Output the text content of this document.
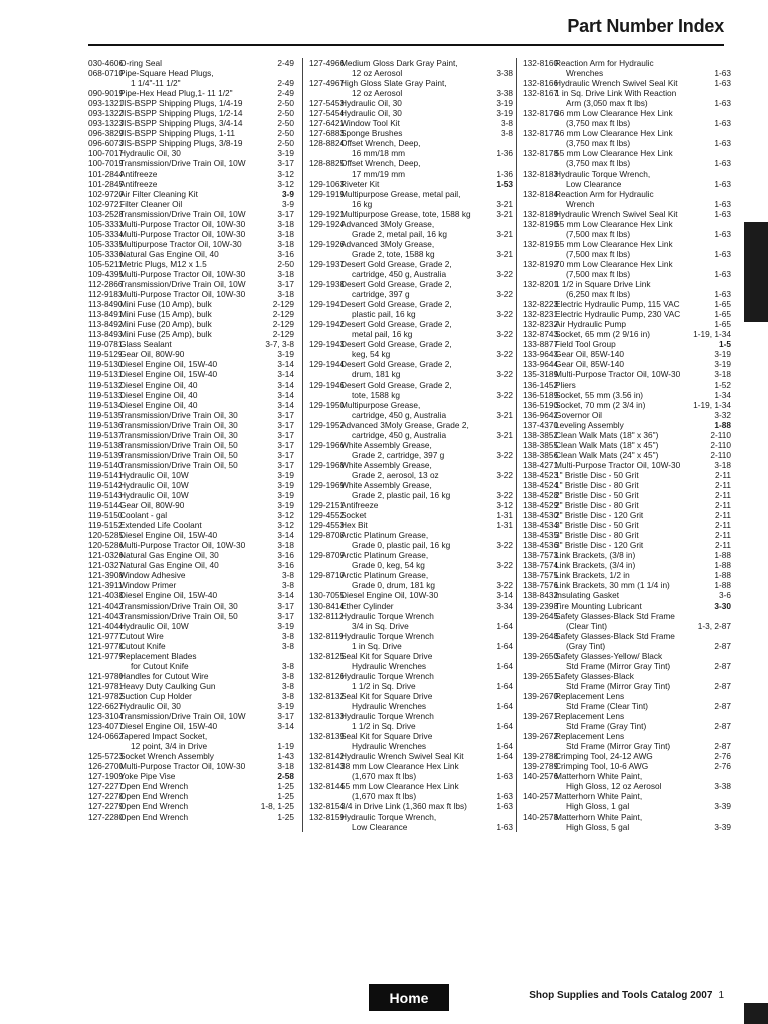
Part Number Index
030-4606
O-ring Seal	2-49
068-0710
Pipe-Square Head Plugs,
1 1/4"-11 1/2"	2-49
090-9019
Pipe-Hex Head Plug,1- 11 1/2"	2-49
093-1321
JIS-BSPP Shipping Plugs, 1/4-19	2-50
093-1322
JIS-BSPP Shipping Plugs, 1/2-14	2-50
093-1323
JIS-BSPP Shipping Plugs, 3/4-14	2-50
096-3829
JIS-BSPP Shipping Plugs, 1-11	2-50
096-6073
JIS-BSPP Shipping Plugs, 3/8-19	2-50
100-7017
Hydraulic Oil, 30	3-19
100-7019
Transmission/Drive Train Oil, 10W	3-17
101-2844
Antifreeze	3-12
101-2845
Antifreeze	3-12
102-9720
Air Filter Cleaning Kit	3-9
102-9721
Filter Cleaner Oil	3-9
103-2528
Transmission/Drive Train Oil, 10W	3-17
105-3333
Multi-Purpose Tractor Oil, 10W-30	3-18
105-3334
Multi-Purpose Tractor Oil, 10W-30	3-18
105-3335
Multipurpose Tractor Oil, 10W-30	3-18
105-3336
Natural Gas Engine Oil, 40	3-16
105-5211
Metric Plugs, M12 x 1.5	2-50
109-4395
Multi-Purpose Tractor Oil, 10W-30	3-18
112-2866
Transmission/Drive Train Oil, 10W	3-17
112-9183
Multi-Purpose Tractor Oil, 10W-30	3-18
113-8490
Mini Fuse (10 Amp), bulk	2-129
113-8491
Mini Fuse (15 Amp), bulk	2-129
113-8492
Mini Fuse (20 Amp), bulk	2-129
113-8493
Mini Fuse (25 Amp), bulk	2-129
119-0781
Glass Sealant	3-7, 3-8
119-5129
Gear Oil, 80W-90	3-19
119-5130
Diesel Engine Oil, 15W-40	3-14
119-5131
Diesel Engine Oil, 15W-40	3-14
119-5132
Diesel Engine Oil, 40	3-14
119-5133
Diesel Engine Oil, 40	3-14
119-5134
Diesel Engine Oil, 40	3-14
119-5135
Transmission/Drive Train Oil, 30	3-17
119-5136
Transmission/Drive Train Oil, 30	3-17
119-5137
Transmission/Drive Train Oil, 30	3-17
119-5138
Transmission/Drive Train Oil, 50	3-17
119-5139
Transmission/Drive Train Oil, 50	3-17
119-5140
Transmission/Drive Train Oil, 50	3-17
119-5141
Hydraulic Oil, 10W	3-19
119-5142
Hydraulic Oil, 10W	3-19
119-5143
Hydraulic Oil, 10W	3-19
119-5144
Gear Oil, 80W-90	3-19
119-5150
Coolant - gal	3-12
119-5152
Extended Life Coolant	3-12
120-5285
Diesel Engine Oil, 15W-40	3-14
120-5286
Multi-Purpose Tractor Oil, 10W-30	3-18
121-0326
Natural Gas Engine Oil, 30	3-16
121-0327
Natural Gas Engine Oil, 40	3-16
121-3908
Window Adhesive	3-8
121-3911
Window Primer	3-8
121-4038
Diesel Engine Oil, 15W-40	3-14
121-4042
Transmission/Drive Train Oil, 30	3-17
121-4043
Transmission/Drive Train Oil, 50	3-17
121-4044
Hydraulic Oil, 10W	3-19
121-9777
Cutout Wire	3-8
121-9778
Cutout Knife	3-8
121-9779
Replacement Blades
for Cutout Knife	3-8
121-9780
Handles for Cutout Wire	3-8
121-9781
Heavy Duty Caulking Gun	3-8
121-9782
Suction Cup Holder	3-8
122-6627
Hydraulic Oil, 30	3-19
123-3104
Transmission/Drive Train Oil, 10W	3-17
123-4077
Diesel Engine Oil, 15W-40	3-14
124-0662
Tapered Impact Socket,
12 point, 3/4 in Drive	1-19
125-5723
Socket Wrench Assembly	1-43
126-2700
Multi-Purpose Tractor Oil, 10W-30	3-18
127-1909
Yoke Pipe Vise	2-58
127-2277
Open End Wrench	1-25
127-2278
Open End Wrench	1-25
127-2279
Open End Wrench	1-8, 1-25
127-2280
Open End Wrench	1-25
127-4966
Medium Gloss Dark Gray Paint,
12 oz Aerosol	3-38
127-4967
High Gloss Slate Gray Paint,
12 oz Aerosol	3-38
127-5453
Hydraulic Oil, 30	3-19
127-5454
Hydraulic Oil, 30	3-19
127-6421
Window Tool Kit	3-8
127-6883
Sponge Brushes	3-8
128-8824
Offset Wrench, Deep,
16 mm/18 mm	1-36
128-8825
Offset Wrench, Deep,
17 mm/19 mm	1-36
129-1063
Riveter Kit	1-53
129-1919
Multipurpose Grease, metal pail,
16 kg	3-21
129-1921
Multipurpose Grease, tote, 1588 kg	3-21
129-1924
Advanced 3Moly Grease,
Grade 2, metal pail, 16 kg	3-21
129-1926
Advanced 3Moly Grease,
Grade 2, tote, 1588 kg	3-21
129-1937
Desert Gold Grease, Grade 2,
cartridge, 450 g, Australia	3-22
129-1938
Desert Gold Grease, Grade 2,
cartridge, 397 g	3-22
129-1941
Desert Gold Grease, Grade 2,
plastic pail, 16 kg	3-22
129-1942
Desert Gold Grease, Grade 2,
metal pail, 16 kg	3-22
129-1943
Desert Gold Grease, Grade 2,
keg, 54 kg	3-22
129-1944
Desert Gold Grease, Grade 2,
drum, 181 kg	3-22
129-1946
Desert Gold Grease, Grade 2,
tote, 1588 kg	3-22
129-1950
Multipurpose Grease,
cartridge, 450 g, Australia	3-21
129-1952
Advanced 3Moly Grease, Grade 2,
cartridge, 450 g, Australia	3-21
129-1966
White Assembly Grease,
Grade 2, cartridge, 397 g	3-22
129-1968
White Assembly Grease,
Grade 2, aerosol, 13 oz	3-22
129-1969
White Assembly Grease,
Grade 2, plastic pail, 16 kg	3-22
129-2151
Antifreeze	3-12
129-4552
Socket	1-31
129-4553
Hex Bit	1-31
129-8708
Arctic Platinum Grease,
Grade 0, plastic pail, 16 kg	3-22
129-8709
Arctic Platinum Grease,
Grade 0, keg, 54 kg	3-22
129-8710
Arctic Platinum Grease,
Grade 0, drum, 181 kg	3-22
130-7055
Diesel Engine Oil, 10W-30	3-14
130-8414
Ether Cylinder	3-34
132-8112
Hydraulic Torque Wrench
3/4 in Sq. Drive	1-64
132-8119
Hydraulic Torque Wrench
1 in Sq. Drive	1-64
132-8125
Seal Kit for Square Drive
Hydraulic Wrenches	1-64
132-8126
Hydraulic Torque Wrench
1 1/2 in Sq. Drive	1-64
132-8132
Seal Kit for Square Drive
Hydraulic Wrenches	1-64
132-8133
Hydraulic Torque Wrench
1 1/2 in Sq. Drive	1-64
132-8139
Seal Kit for Square Drive
Hydraulic Wrenches	1-64
132-8142
Hydraulic Wrench Swivel Seal Kit	1-64
132-8143
38 mm Low Clearance Hex Link
(1,670 max ft lbs)	1-63
132-8144
55 mm Low Clearance Hex Link
(1,670 max ft lbs)	1-63
132-8154
3/4 in Drive Link (1,360 max ft lbs)	1-63
132-8159
Hydraulic Torque Wrench,
Low Clearance	1-63
132-8160
Reaction Arm for Hydraulic
Wrenches	1-63
132-8166
Hydraulic Wrench Swivel Seal Kit	1-63
132-8167
1 in Sq. Drive Link With Reaction
Arm (3,050 max ft lbs)	1-63
132-8176
36 mm Low Clearance Hex Link
(3,750 max ft lbs)	1-63
132-8177
46 mm Low Clearance Hex Link
(3,750 max ft lbs)	1-63
132-8178
55 mm Low Clearance Hex Link
(3,750 max ft lbs)	1-63
132-8183
Hydraulic Torque Wrench,
Low Clearance	1-63
132-8184
Reaction Arm for Hydraulic
Wrench	1-63
132-8189
Hydraulic Wrench Swivel Seal Kit	1-63
132-8190
55 mm Low Clearance Hex Link
(7,500 max ft lbs)	1-63
132-8191
65 mm Low Clearance Hex Link
(7,500 max ft lbs)	1-63
132-8192
70 mm Low Clearance Hex Link
(7,500 max ft lbs)	1-63
132-8201
1 1/2 in Square Drive Link
(6,250 max ft lbs)	1-63
132-8223
Electric Hydraulic Pump, 115 VAC	1-65
132-8231
Electric Hydraulic Pump, 230 VAC	1-65
132-8232
Air Hydraulic Pump	1-65
132-8743
Socket, 65 mm (2 9/16 in)	1-19, 1-34
133-8877
Field Tool Group	1-5
133-9643
Gear Oil, 85W-140	3-19
133-9644
Gear Oil, 85W-140	3-19
135-3189
Multi-Purpose Tractor Oil, 10W-30	3-18
136-1452
Pliers	1-52
136-5189
Socket, 55 mm (3.56 in)	1-34
136-5190
Socket, 70 mm (2 3/4 in)	1-19, 1-34
136-9642
Governor Oil	3-32
137-4370
Leveling Assembly	1-88
138-3852
Clean Walk Mats (18" x 36")	2-110
138-3855
Clean Walk Mats (18" x 45")	2-110
138-3856
Clean Walk Mats (24" x 45")	2-110
138-4271
Multi-Purpose Tractor Oil, 10W-30	3-18
138-4523
1" Bristle Disc - 50 Grit	2-11
138-4524
1" Bristle Disc - 80 Grit	2-11
138-4528
2" Bristle Disc - 50 Grit	2-11
138-4529
2" Bristle Disc - 80 Grit	2-11
138-4530
2" Bristle Disc - 120 Grit	2-11
138-4534
3" Bristle Disc - 50 Grit	2-11
138-4535
3" Bristle Disc - 80 Grit	2-11
138-4536
3" Bristle Disc - 120 Grit	2-11
138-7573
Link Brackets, (3/8 in)	1-88
138-7574
Link Brackets, (3/4 in)	1-88
138-7575
Link Brackets, 1/2 in	1-88
138-7576
Link Brackets, 30 mm (1 1/4 in)	1-88
138-8432
Insulating Gasket	3-6
139-2398
Tire Mounting Lubricant	3-30
139-2645
Safety Glasses-Black Std Frame
(Clear Tint)	1-3, 2-87
139-2648
Safety Glasses-Black Std Frame
(Gray Tint)	2-87
139-2650
Safety Glasses-Yellow/ Black
Std Frame (Mirror Gray Tint)	2-87
139-2651
Safety Glasses-Black
Std Frame (Mirror Gray Tint)	2-87
139-2670
Replacement Lens
Std Frame (Clear Tint)	2-87
139-2671
Replacement Lens
Std Frame (Gray Tint)	2-87
139-2672
Replacement Lens
Std Frame (Mirror Gray Tint)	2-87
139-2788
Crimping Tool, 24-12 AWG	2-76
139-2789
Crimping Tool, 10-6 AWG	2-76
140-2576
Matterhorn White Paint,
High Gloss, 12 oz Aerosol	3-38
140-2577
Matterhorn White Paint,
High Gloss, 1 gal	3-39
140-2578
Matterhorn White Paint,
High Gloss, 5 gal	3-39
Home	Shop Supplies and Tools Catalog 2007 1
